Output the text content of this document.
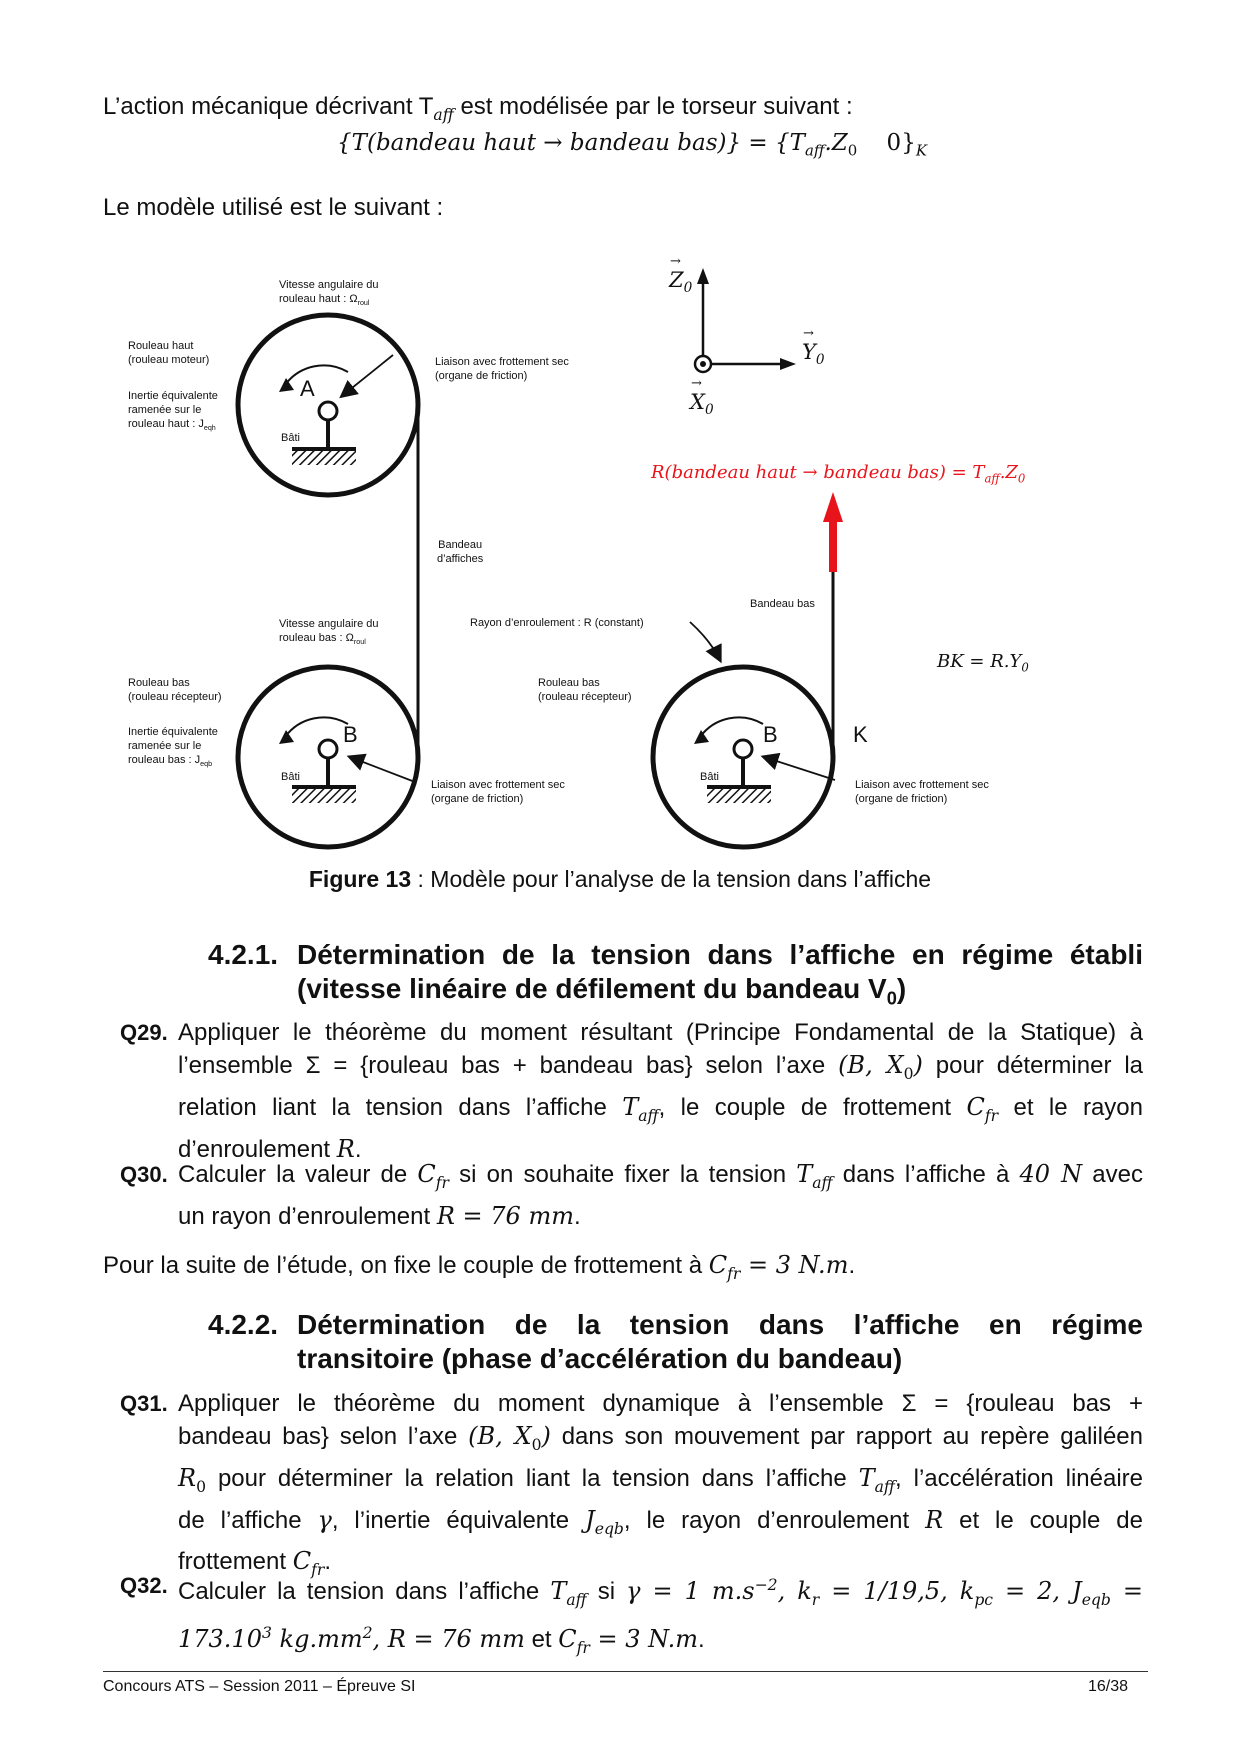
L’action mécanique décrivant $T_{aff}$ est modélisée par le torseur suivant :
{T(bandeau haut → bandeau $bas)\} = \{T_{aff}.Z_0$ $0\}_K$
Le modèle utilisé est le suivant :
Vitesse angulaire du
rouleau haut : $\Omega_{roul}$
Rouleau haut
(rouleau moteur)
Inertie équivalente
ramenée sur le
rouleau haut : $J_{eqh}$
A
Bâti
Liaison avec frottement sec
(organe de friction)
Bandeau
d’affiches
Vitesse angulaire du
rouleau bas : $\Omega_{roul}$
Rouleau bas
(rouleau récepteur)
Inertie équivalente
ramenée sur le
rouleau bas : $J_{eqb}$
B
Bâti
Liaison avec frottement sec
(organe de friction)
Z
→
$_0$
Y
→
$_0$
X
→
$_0$
R(bandeau haut → bandeau $bas) = T_{aff}.Z_0$
Bandeau bas
Rayon d’enroulement : R (constant)
BK = $R.Y_0$
Rouleau bas
(rouleau récepteur)
B	K
Bâti
Liaison avec frottement sec
(organe de friction)
Figure 13 : Modèle pour l’analyse de la tension dans l’affiche
4.2.1. Détermination de la tension dans l’affiche en régime établi
(vitesse linéaire de défilement du bandeau $V_0$)
Q29. Appliquer le théorème du moment résultant (Principe Fondamental de la Statique) à
l’ensemble Σ = {rouleau bas + bandeau bas} selon l’axe (B, $X_0$) pour déterminer la
relation liant la tension dans l’affiche $T_{aff}$, le couple de frottement $C_{fr}$ et le rayon
d’enroulement R.
Q30. Calculer la valeur de $C_{fr}$ si on souhaite fixer la tension $T_{aff}$ dans l’affiche à 40 N avec
un rayon d’enroulement R = 76 mm.
Pour la suite de l’étude, on fixe le couple de frottement à $C_{fr} = 3$ N.m.
4.2.2. Détermination de la tension dans l’affiche en régime
transitoire (phase d’accélération du bandeau)
Q31. Appliquer le théorème du moment dynamique à l’ensemble Σ = {rouleau bas +
bandeau bas} selon l’axe (B, $X_0$) dans son mouvement par rapport au repère galiléen
$R_0$ pour déterminer la relation liant la tension dans l’affiche $T_{aff}$, l’accélération linéaire
de l’affiche γ, l’inertie équivalente $J_{eqb}$, le rayon d’enroulement R et le couple de
frottement $C_{fr}$.
Q32. Calculer la tension dans l’affiche $T_{aff}$ si γ = 1 $m.s^{-2}$, $k_r = 1/19,5$, $k_{pc} = 2$, $J_{eqb}$ =
$173.10^3$ $kg.mm^2$, R = 76 mm et $C_{fr} = 3$ N.m.
Concours ATS – Session 2011 – Épreuve SI	16/38
